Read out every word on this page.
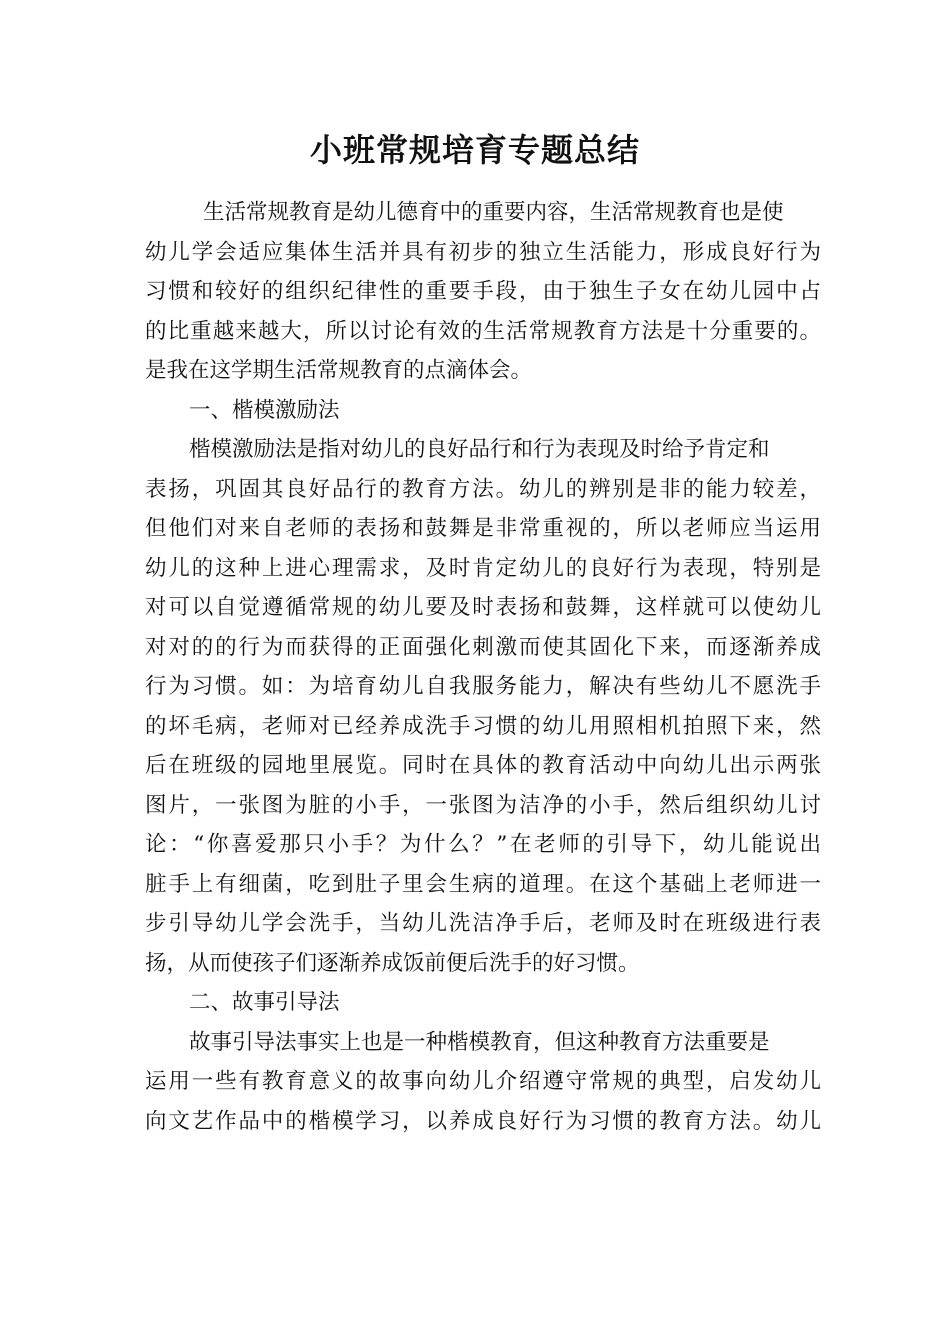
小班常规培育专题总结
生活常规教育是幼儿德育中的重要内容，生活常规教育也是使
幼儿学会适应集体生活并具有初步的独立生活能力，形成良好行为
习惯和较好的组织纪律性的重要手段，由于独生子女在幼儿园中占
的比重越来越大，所以讨论有效的生活常规教育方法是十分重要的。
是我在这学期生活常规教育的点滴体会。
一、楷模激励法
楷模激励法是指对幼儿的良好品行和行为表现及时给予肯定和
表扬，巩固其良好品行的教育方法。幼儿的辨别是非的能力较差，
但他们对来自老师的表扬和鼓舞是非常重视的，所以老师应当运用
幼儿的这种上进心理需求，及时肯定幼儿的良好行为表现，特别是
对可以自觉遵循常规的幼儿要及时表扬和鼓舞，这样就可以使幼儿
对对的的行为而获得的正面强化刺激而使其固化下来，而逐渐养成
行为习惯。如：为培育幼儿自我服务能力，解决有些幼儿不愿洗手
的坏毛病，老师对已经养成洗手习惯的幼儿用照相机拍照下来，然
后在班级的园地里展览。同时在具体的教育活动中向幼儿出示两张
图片，一张图为脏的小手，一张图为洁净的小手，然后组织幼儿讨
论：“你喜爱那只小手？为什么？”在老师的引导下，幼儿能说出
脏手上有细菌，吃到肚子里会生病的道理。在这个基础上老师进一
步引导幼儿学会洗手，当幼儿洗洁净手后，老师及时在班级进行表
扬，从而使孩子们逐渐养成饭前便后洗手的好习惯。
二、故事引导法
故事引导法事实上也是一种楷模教育，但这种教育方法重要是
运用一些有教育意义的故事向幼儿介绍遵守常规的典型，启发幼儿
向文艺作品中的楷模学习，以养成良好行为习惯的教育方法。幼儿
